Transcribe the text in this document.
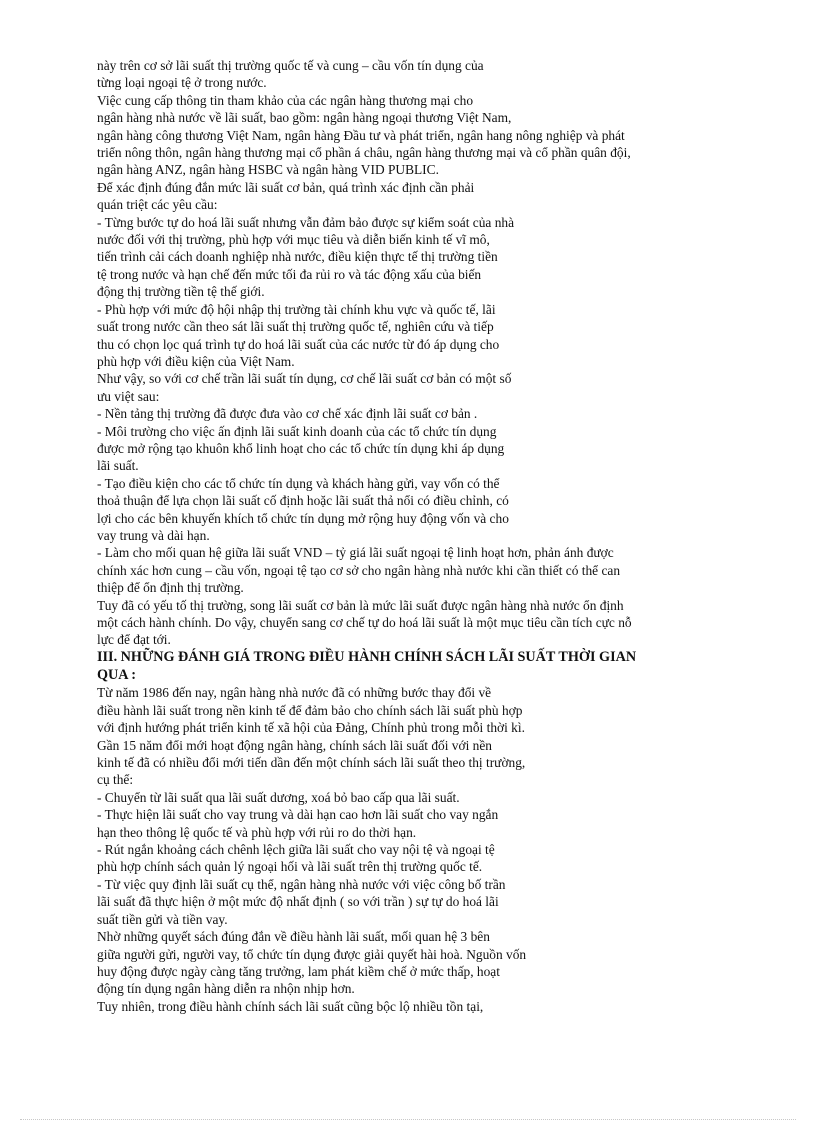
này trên cơ sở lãi suất thị trường quốc tế và cung – cầu vốn tín dụng của
từng loại ngoại tệ ở trong nước.
Việc cung cấp thông tin tham khảo của các ngân hàng thương mại cho
ngân hàng nhà nước về lãi suất, bao gồm: ngân hàng ngoại thương Việt Nam,
ngân hàng công thương Việt Nam, ngân hàng Đầu tư và phát triển, ngân hang nông nghiệp và phát
triển nông thôn, ngân hàng thương mại cổ phần á châu, ngân hàng thương mại và cổ phần quân đội,
ngân hàng ANZ, ngân hàng HSBC và ngân hàng VID PUBLIC.
Để xác định đúng đắn mức lãi suất cơ bản, quá trình xác định cần phải
quán triệt các yêu cầu:
- Từng bước tự do hoá lãi suất nhưng vẫn đảm bảo được sự kiểm soát của nhà
nước đối với thị trường, phù hợp với mục tiêu và diễn biến kinh tế vĩ mô,
tiến trình cải cách doanh nghiệp nhà nước, điều kiện thực tế thị trường tiền
tệ trong nước và hạn chế đến mức tối đa rủi ro và tác động xấu của biến
động thị trường tiền tệ thế giới.
- Phù hợp với mức độ hội nhập thị trường tài chính khu vực và quốc tế, lãi
suất trong nước cần theo sát lãi suất thị trường quốc tế, nghiên cứu và tiếp
thu có chọn lọc quá trình tự do hoá lãi suất của các nước từ đó áp dụng cho
phù hợp với điều kiện của Việt Nam.
Như vậy, so với cơ chế trần lãi suất tín dụng, cơ chế lãi suất cơ bản có một số
ưu việt sau:
- Nền tảng thị trường đã được đưa vào cơ chế xác định lãi suất cơ bản .
- Môi trường cho việc ấn định lãi suất kinh doanh của các tổ chức tín dụng
được mở rộng tạo khuôn khổ linh hoạt cho các tổ chức tín dụng khi áp dụng
lãi suất.
- Tạo điều kiện cho các tổ chức tín dụng và khách hàng gửi, vay vốn có thể
thoả thuận để lựa chọn lãi suất cố định hoặc lãi suất thả nổi có điều chỉnh, có
lợi cho các bên khuyến khích tổ chức tín dụng mở rộng huy động vốn và cho
vay trung và dài hạn.
- Làm cho mối quan hệ giữa lãi suất VND – tỷ giá lãi suất ngoại tệ linh hoạt hơn, phản ánh được
chính xác hơn cung – cầu vốn, ngoại tệ tạo cơ sở cho ngân hàng nhà nước khi cần thiết có thể can
thiệp để ổn định thị trường.
Tuy đã có yếu tố thị trường, song lãi suất cơ bản là mức lãi suất được ngân hàng nhà nước ổn định
một cách hành chính. Do vậy, chuyển sang cơ chế tự do hoá lãi suất là một mục tiêu cần tích cực nỗ
lực để đạt tới.
III. NHỮNG ĐÁNH GIÁ TRONG ĐIỀU HÀNH CHÍNH SÁCH LÃI SUẤT THỜI GIAN
QUA :
Từ năm 1986 đến nay, ngân hàng nhà nước đã có những bước thay đổi về
điều hành lãi suất trong nền kinh tế để đảm bảo cho chính sách lãi suất phù hợp
với định hướng phát triển kinh tế xã hội của Đảng, Chính phủ trong mỗi thời kì.
Gần 15 năm đổi mới hoạt động ngân hàng, chính sách lãi suất đối với nền
kinh tế đã có nhiều đổi mới tiến dần đến một chính sách lãi suất theo thị trường,
cụ thể:
- Chuyển từ lãi suất qua lãi suất dương, xoá bỏ bao cấp qua lãi suất.
- Thực hiện lãi suất cho vay trung và dài hạn cao hơn lãi suất cho vay ngắn
hạn theo thông lệ quốc tế và phù hợp với rủi ro do thời hạn.
- Rút ngắn khoảng cách chênh lệch giữa lãi suất cho vay nội tệ và ngoại tệ
phù hợp chính sách quản lý ngoại hối và lãi suất trên thị trường quốc tế.
- Từ việc quy định lãi suất cụ thể, ngân hàng nhà nước với việc công bố trần
lãi suất đã thực hiện ở một mức độ nhất định ( so với trần ) sự tự do hoá lãi
suất tiền gửi và tiền vay.
Nhờ những quyết sách đúng đắn về điều hành lãi suất, mối quan hệ 3 bên
giữa người gửi, người vay, tổ chức tín dụng được giải quyết hài hoà. Nguồn vốn
huy động được ngày càng tăng trưởng, lam phát kiềm chế ở mức thấp, hoạt
động tín dụng ngân hàng diễn ra nhộn nhịp hơn.
Tuy nhiên, trong điều hành chính sách lãi suất cũng bộc lộ nhiều tồn tại,
